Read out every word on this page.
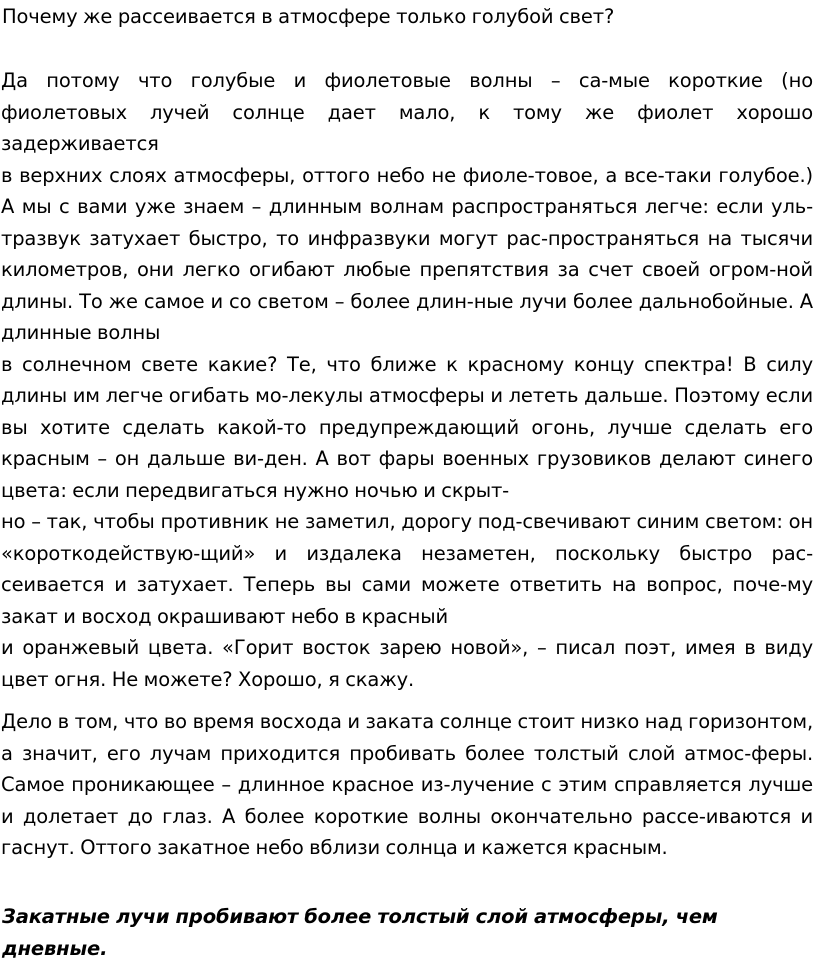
Почему же рассеивается в атмосфере только голубой свет?
Да потому что голубые и фиолетовые волны – са-мые короткие (но фиолетовых лучей солнце дает мало, к тому же фиолет хорошо задерживается
в верхних слоях атмосферы, оттого небо не фиоле-товое, а все-таки голубое.) А мы с вами уже знаем – длинным волнам распространяться легче: если уль-тразвук затухает быстро, то инфразвуки могут рас-пространяться на тысячи километров, они легко огибают любые препятствия за счет своей огром-ной длины. То же самое и со светом – более длин-ные лучи более дальнобойные. А длинные волны
в солнечном свете какие? Те, что ближе к красному концу спектра! В силу длины им легче огибать мо-лекулы атмосферы и лететь дальше. Поэтому если вы хотите сделать какой-то предупреждающий огонь, лучше сделать его красным – он дальше ви-ден. А вот фары военных грузовиков делают синего цвета: если передвигаться нужно ночью и скрыт-
но – так, чтобы противник не заметил, дорогу под-свечивают синим светом: он «короткодействую-щий» и издалека незаметен, поскольку быстро рас-сеивается и затухает. Теперь вы сами можете ответить на вопрос, поче-му закат и восход окрашивают небо в красный
и оранжевый цвета. «Горит восток зарею новой», – писал поэт, имея в виду цвет огня. Не можете? Хорошо, я скажу.
Дело в том, что во время восхода и заката солнце стоит низко над горизонтом, а значит, его лучам приходится пробивать более толстый слой атмос-феры. Самое проникающее – длинное красное из-лучение с этим справляется лучше и долетает до глаз. А более короткие волны окончательно рассе-иваются и гаснут. Оттого закатное небо вблизи солнца и кажется красным.
Закатные лучи пробивают более толстый слой атмосферы, чем дневные.
